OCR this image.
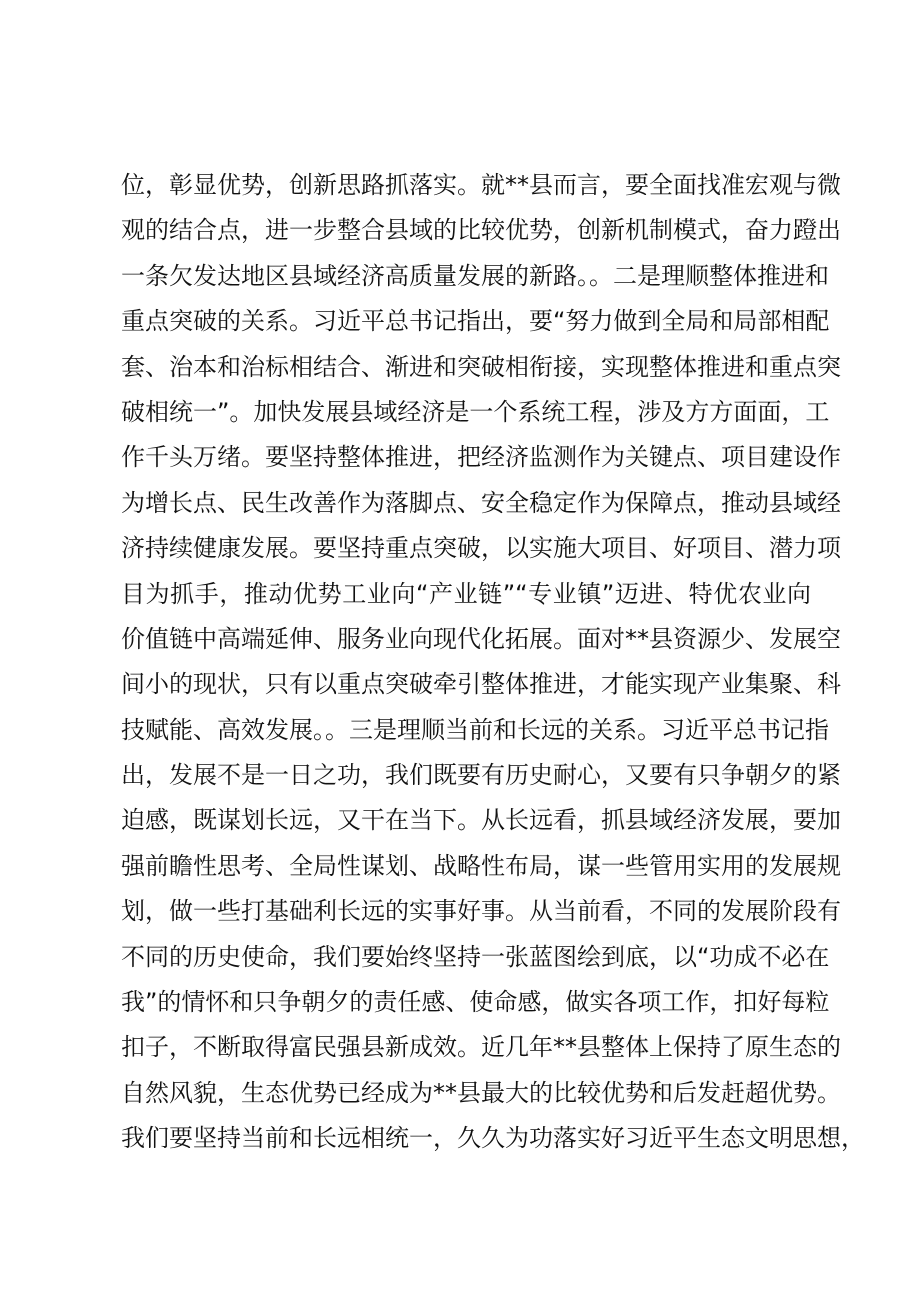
位，彰显优势，创新思路抓落实。就**县而言，要全面找准宏观与微
观的结合点，进一步整合县域的比较优势，创新机制模式，奋力蹬出
一条欠发达地区县域经济高质量发展的新路。。二是理顺整体推进和
重点突破的关系。习近平总书记指出，要“努力做到全局和局部相配
套、治本和治标相结合、渐进和突破相衔接，实现整体推进和重点突
破相统一”。加快发展县域经济是一个系统工程，涉及方方面面，工
作千头万绪。要坚持整体推进，把经济监测作为关键点、项目建设作
为增长点、民生改善作为落脚点、安全稳定作为保障点，推动县域经
济持续健康发展。要坚持重点突破，以实施大项目、好项目、潜力项
目为抓手，推动优势工业向“产业链”“专业镇”迈进、特优农业向
价值链中高端延伸、服务业向现代化拓展。面对**县资源少、发展空
间小的现状，只有以重点突破牵引整体推进，才能实现产业集聚、科
技赋能、高效发展。。三是理顺当前和长远的关系。习近平总书记指
出，发展不是一日之功，我们既要有历史耐心，又要有只争朝夕的紧
迫感，既谋划长远，又干在当下。从长远看，抓县域经济发展，要加
强前瞻性思考、全局性谋划、战略性布局，谋一些管用实用的发展规
划，做一些打基础利长远的实事好事。从当前看，不同的发展阶段有
不同的历史使命，我们要始终坚持一张蓝图绘到底，以“功成不必在
我”的情怀和只争朝夕的责任感、使命感，做实各项工作，扣好每粒
扣子，不断取得富民强县新成效。近几年**县整体上保持了原生态的
自然风貌，生态优势已经成为**县最大的比较优势和后发赶超优势。
我们要坚持当前和长远相统一，久久为功落实好习近平生态文明思想，
